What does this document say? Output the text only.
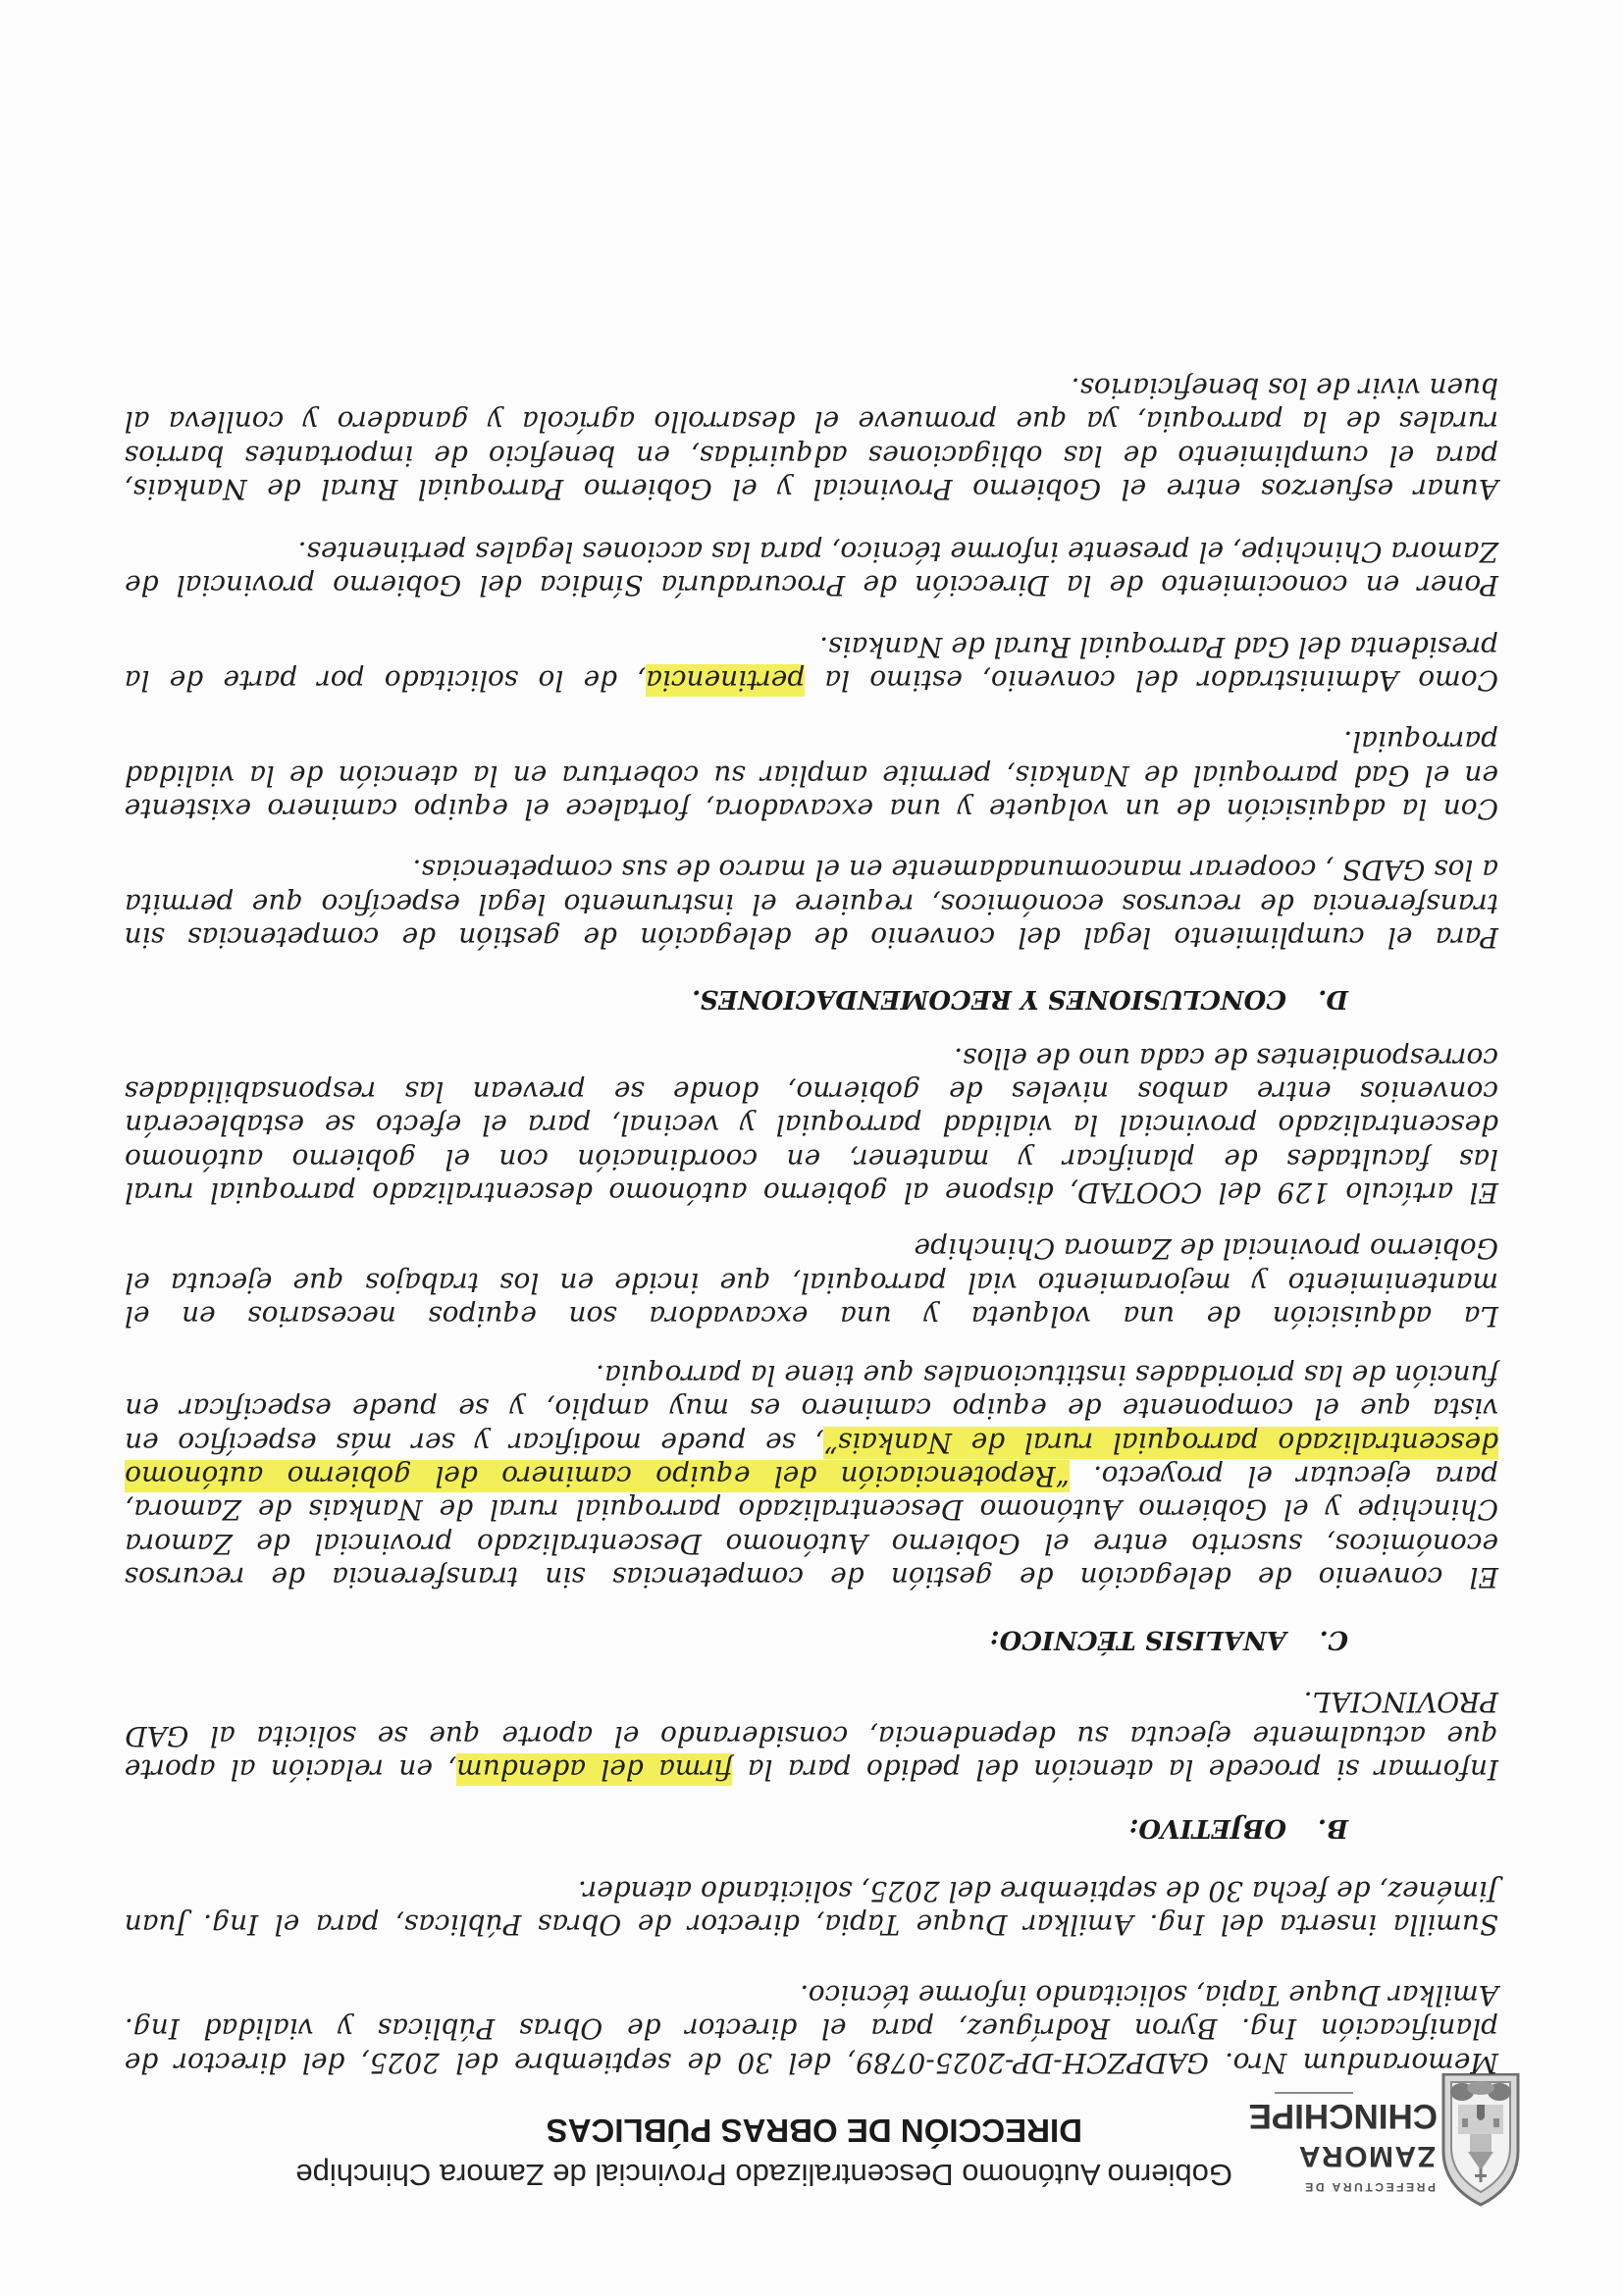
PREFECTURA DE
ZAMORA
CHINCHIPE
Gobierno Autónomo Descentralizado Provincial de Zamora Chinchipe
DIRECCIÓN DE OBRAS PÚBLICAS
Memorandum Nro. GADPZCH-DP-2025-0789, del 30 de septiembre del 2025, del director de
planificación Ing. Byron Rodríguez, para el director de Obras Públicas y vialidad Ing.
Amilkar Duque Tapia, solicitando informe técnico.
Sumilla inserta del Ing. Amilkar Duque Tapia, director de Obras Públicas, para el Ing. Juan
Jiménez, de fecha 30 de septiembre del 2025, solicitando atender.
B.
OBJETIVO:
Informar si procede la atención del pedido para la firma del adendum, en relación al aporte
que actualmente ejecuta su dependencia, considerando el aporte que se solicita al GAD
PROVINCIAL.
C.
ANALISIS TÉCNICO:
El convenio de delegación de gestión de competencias sin transferencia de recursos
económicos, suscrito entre el Gobierno Autónomo Descentralizado provincial de Zamora
Chinchipe y el Gobierno Autónomo Descentralizado parroquial rural de Nankais de Zamora,
para ejecutar el proyecto. “Repotenciación del equipo caminero del gobierno autónomo
descentralizado parroquial rural de Nankais”, se puede modificar y ser más específico en
vista que el componente de equipo caminero es muy amplio, y se puede especificar en
función de las prioridades institucionales que tiene la parroquia.
La adquisición de una volqueta y una excavadora son equipos necesarios en el
mantenimiento y mejoramiento vial parroquial, que incide en los trabajos que ejecuta el
Gobierno provincial de Zamora Chinchipe
El artículo 129 del COOTAD, dispone al gobierno autónomo descentralizado parroquial rural
las facultades de planificar y mantener, en coordinación con el gobierno autónomo
descentralizado provincial la vialidad parroquial y vecinal, para el efecto se establecerán
convenios entre ambos niveles de gobierno, donde se prevean las responsabilidades
correspondientes de cada uno de ellos.
D.
CONCLUSIONES Y RECOMENDACIONES.
Para el cumplimiento legal del convenio de delegación de gestión de competencias sin
transferencia de recursos económicos, requiere el instrumento legal específico que permita
a los GADS , cooperar mancomunadamente en el marco de sus competencias.
Con la adquisición de un volquete y una excavadora, fortalece el equipo caminero existente
en el Gad parroquial de Nankais, permite ampliar su cobertura en la atención de la vialidad
parroquial.
Como Administrador del convenio, estimo la pertinencia, de lo solicitado por parte de la
presidenta del Gad Parroquial Rural de Nankais.
Poner en conocimiento de la Dirección de Procuraduría Síndica del Gobierno provincial de
Zamora Chinchipe, el presente informe técnico, para las acciones legales pertinentes.
Aunar esfuerzos entre el Gobierno Provincial y el Gobierno Parroquial Rural de Nankais,
para el cumplimiento de las obligaciones adquiridas, en beneficio de importantes barrios
rurales de la parroquia, ya que promueve el desarrollo agrícola y ganadero y conlleva al
buen vivir de los beneficiarios.
